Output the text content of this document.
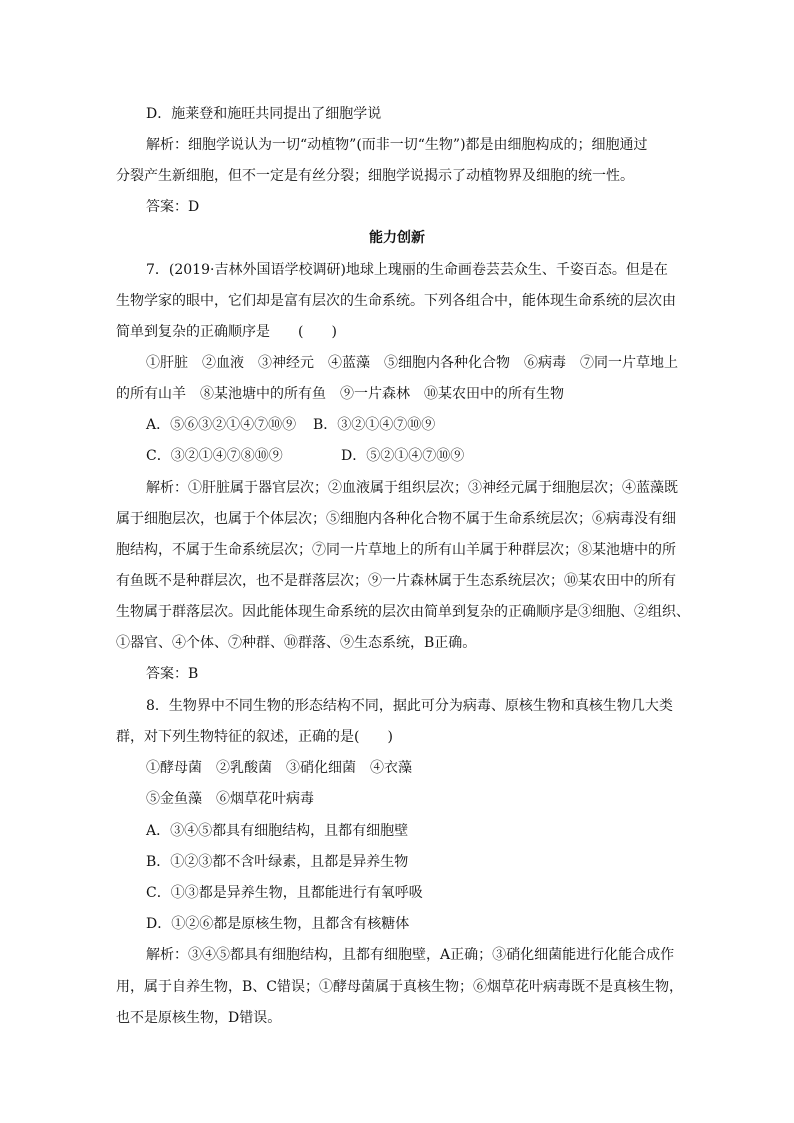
D．施莱登和施旺共同提出了细胞学说
解析：细胞学说认为一切“动植物”(而非一切“生物”)都是由细胞构成的；细胞通过
分裂产生新细胞，但不一定是有丝分裂；细胞学说揭示了动植物界及细胞的统一性。
答案：D
能力创新
7．(2019·吉林外国语学校调研)地球上瑰丽的生命画卷芸芸众生、千姿百态。但是在
生物学家的眼中，它们却是富有层次的生命系统。下列各组合中，能体现生命系统的层次由
简单到复杂的正确顺序是　　(　　)
①肝脏　②血液　③神经元　④蓝藻　⑤细胞内各种化合物　⑥病毒　⑦同一片草地上
的所有山羊　⑧某池塘中的所有鱼　⑨一片森林　⑩某农田中的所有生物
A．⑤⑥③②①④⑦⑩⑨ B．③②①④⑦⑩⑨
C．③②①④⑦⑧⑩⑨	D．⑤②①④⑦⑩⑨
解析：①肝脏属于器官层次；②血液属于组织层次；③神经元属于细胞层次；④蓝藻既
属于细胞层次，也属于个体层次；⑤细胞内各种化合物不属于生命系统层次；⑥病毒没有细
胞结构，不属于生命系统层次；⑦同一片草地上的所有山羊属于种群层次；⑧某池塘中的所
有鱼既不是种群层次，也不是群落层次；⑨一片森林属于生态系统层次；⑩某农田中的所有
生物属于群落层次。因此能体现生命系统的层次由简单到复杂的正确顺序是③细胞、②组织、
①器官、④个体、⑦种群、⑩群落、⑨生态系统，B正确。
答案：B
8．生物界中不同生物的形态结构不同，据此可分为病毒、原核生物和真核生物几大类
群，对下列生物特征的叙述，正确的是(　　)
①酵母菌　②乳酸菌　③硝化细菌　④衣藻
⑤金鱼藻　⑥烟草花叶病毒
A．③④⑤都具有细胞结构，且都有细胞壁
B．①②③都不含叶绿素，且都是异养生物
C．①③都是异养生物，且都能进行有氧呼吸
D．①②⑥都是原核生物，且都含有核糖体
解析：③④⑤都具有细胞结构，且都有细胞壁，A正确；③硝化细菌能进行化能合成作
用，属于自养生物，B、C错误；①酵母菌属于真核生物；⑥烟草花叶病毒既不是真核生物，
也不是原核生物，D错误。
